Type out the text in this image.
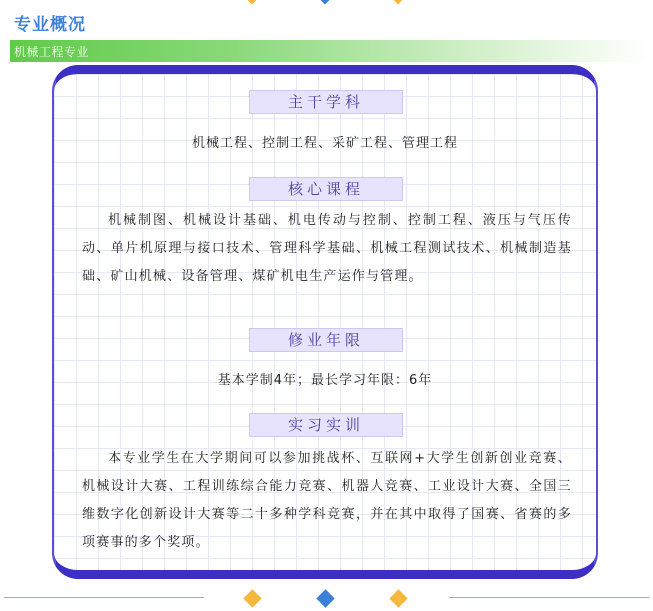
专业概况
机械工程专业
主干学科
机械工程、控制工程、采矿工程、管理工程
核心课程

机械制图、机械设计基础、机电传动与控制、控制工程、液压与气压传动、单片机原理与接口技术、管理科学基础、机械工程测试技术、机械制造基础、矿山机械、设备管理、煤矿机电生产运作与管理。

修业年限
基本学制4年；最长学习年限：6年
实习实训

本专业学生在大学期间可以参加挑战杯、互联网+大学生创新创业竞赛、机械设计大赛、工程训练综合能力竞赛、机器人竞赛、工业设计大赛、全国三维数字化创新设计大赛等二十多种学科竞赛，并在其中取得了国赛、省赛的多项赛事的多个奖项。
